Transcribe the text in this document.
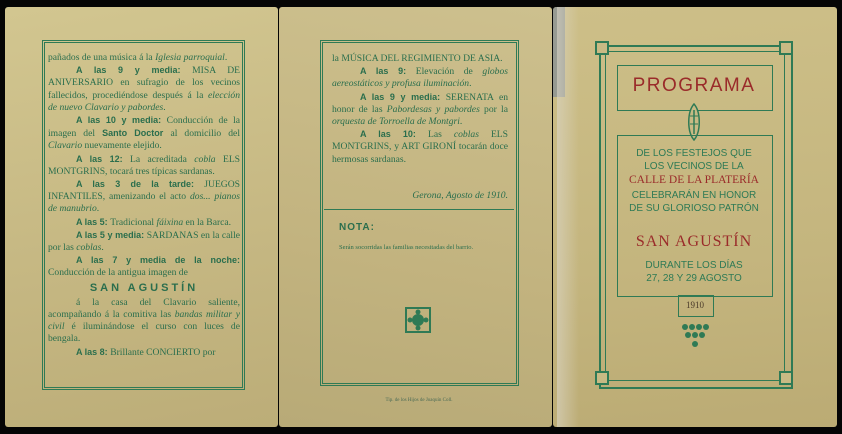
pañados de una música á la Iglesia parroquial.

A las 9 y media: MISA DE ANIVERSARIO en sufragio de los vecinos fallecidos, procediéndose después á la elección de nuevo Clavario y pabordes.

A las 10 y media: Conducción de la imagen del Santo Doctor al domicilio del Clavario nuevamente elejido.

A las 12: La acreditada cobla ELS MONTGRINS, tocará tres típicas sardanas.

A las 3 de la tarde: JUEGOS INFANTILES, amenizando el acto dos... pianos de manubrio.

A las 5: Tradicional fáixina en la Barca.

A las 5 y media: SARDANAS en la calle por las coblas.

A las 7 y media de la noche: Conducción de la antigua imagen de

SAN AGUSTÍN

á la casa del Clavario saliente, acompañando á la comitiva las bandas militar y civil é iluminándose el curso con luces de bengala.

A las 8: Brillante CONCIERTO por

la MÚSICA DEL REGIMIENTO DE ASIA.

A las 9: Elevación de globos aereostáticos y profusa iluminación.

A las 9 y media: SERENATA en honor de las Pabordesas y pabordes por la orquesta de Torroella de Montgri.

A las 10: Las coblas ELS MONTGRINS, y ART GIRONÍ tocarán doce hermosas sardanas.

Gerona, Agosto de 1910.
NOTA:
Serán socorridas las familias necesitadas del barrio.
Tip. de los Hijos de Joaquín Coll.
PROGRAMA
DE LOS FESTEJOS QUE
LOS VECINOS DE LA
CALLE DE LA PLATERÍA
CELEBRARÁN EN HONOR
DE SU GLORIOSO PATRÓN
SAN AGUSTÍN
DURANTE LOS DÍAS
27, 28 Y 29 AGOSTO
1910
